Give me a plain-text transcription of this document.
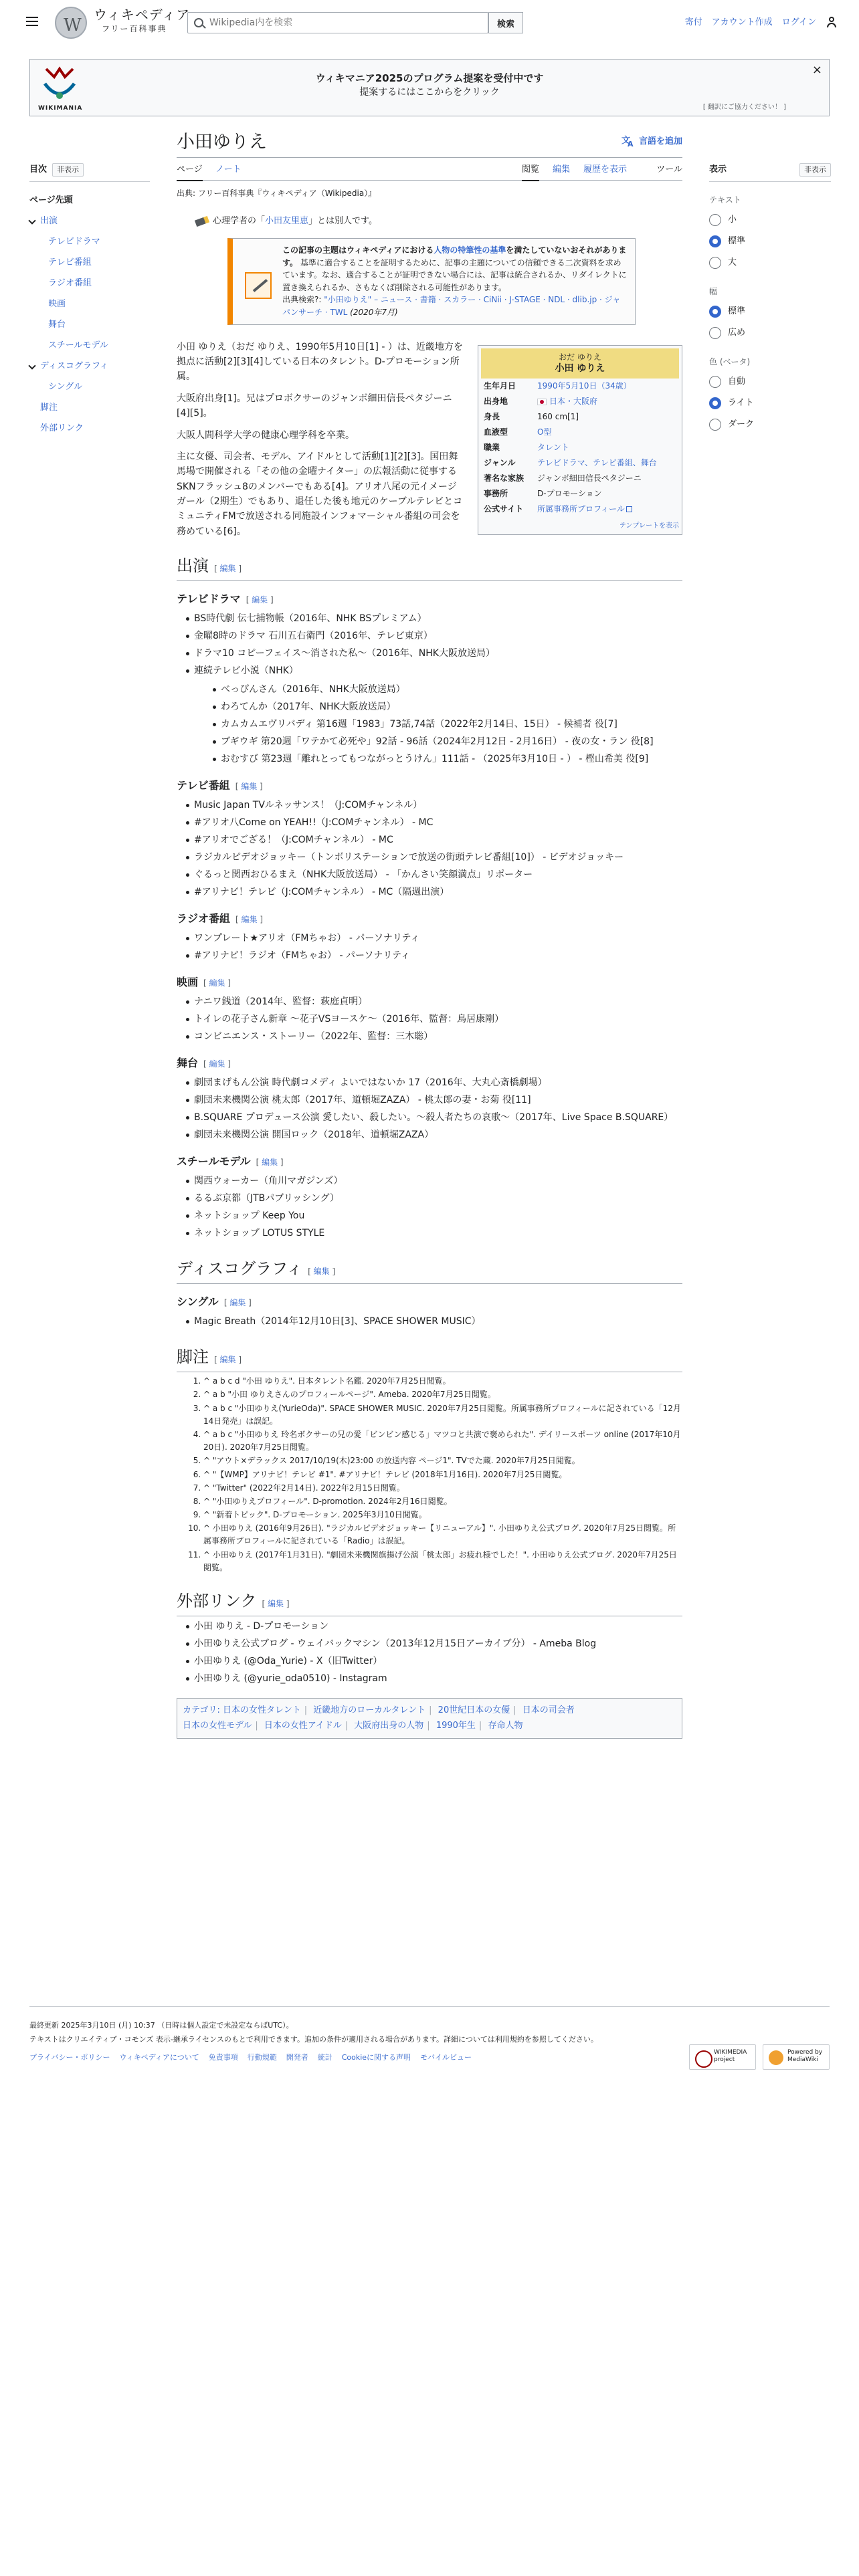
W
ウィキペディア
フリー百科事典
Wikipedia内を検索	検索	寄付 アカウント作成 ログイン
WIKIMANIA
ウィキマニア2025のプログラム提案を受付中です
提案するにはここからをクリック
×
[ 翻訳にご協力ください！ ]
目次	非表示
ページ先頭
出演
テレビドラマ
テレビ番組
ラジオ番組
映画
舞台
スチールモデル
ディスコグラフィ
シングル
脚注
外部リンク
表示	非表示
テキスト
小
標準
大
幅
標準
広め
色 (ベータ)
自動
ライト
ダーク
小田ゆりえ
文 A	言語を追加
ページ ノート	閲覧 編集 履歴を表示	ツール
出典: フリー百科事典『ウィキペディア（Wikipedia）』
心理学者の「小田友里恵」とは別人です。
この記事の主題はウィキペディアにおける人物の特筆性の基準を満たしていないおそれがあります。 基準に適合することを証明するために、記事の主題についての信頼できる二次資料を求めています。なお、適合することが証明できない場合には、記事は統合されるか、リダイレクトに置き換えられるか、さもなくば削除される可能性があります。
出典検索?: "小田ゆりえ" – ニュース · 書籍 · スカラー · CiNii · J-STAGE · NDL · dlib.jp · ジャパンサーチ · TWL (2020年7月)
おだ ゆりえ
小田 ゆりえ
生年月日	1990年5月10日（34歳）
出身地	日本・大阪府
身長	160 cm[1]
血液型	O型
職業	タレント
ジャンル	テレビドラマ、テレビ番組、舞台
著名な家族	ジャンボ細田信長ペタジーニ
事務所	D-プロモーション
公式サイト	所属事務所プロフィール
テンプレートを表示

小田 ゆりえ（おだ ゆりえ、1990年5月10日[1] - ）は、近畿地方を拠点に活動[2][3][4]している日本のタレント。D-プロモーション所属。

大阪府出身[1]。兄はプロボクサーのジャンボ細田信長ペタジーニ[4][5]。

大阪人間科学大学の健康心理学科を卒業。

主に女優、司会者、モデル、アイドルとして活動[1][2][3]。国田舞馬場で開催される「その他の金曜ナイター」の広報活動に従事するSKNフラッシュ8のメンバーでもある[4]。アリオ八尾の元イメージガール（2期生）でもあり、退任した後も地元のケーブルテレビとコミュニティFMで放送される同施設インフォマーシャル番組の司会を務めている[6]。

出演 [ 編集 ]
テレビドラマ [ 編集 ]
BS時代劇 伝七捕物帳（2016年、NHK BSプレミアム）
金曜8時のドラマ 石川五右衛門（2016年、テレビ東京）
ドラマ10 コピーフェイス〜消された私〜（2016年、NHK大阪放送局）
連続テレビ小説（NHK）
べっぴんさん（2016年、NHK大阪放送局）
わろてんか（2017年、NHK大阪放送局）
カムカムエヴリバディ 第16週「1983」73話,74話（2022年2月14日、15日） - 候補者 役[7]
ブギウギ 第20週「ワテかて必死や」92話 - 96話（2024年2月12日 - 2月16日） - 夜の女・ラン 役[8]
おむすび 第23週「離れとってもつながっとうけん」111話 - （2025年3月10日 - ） - 樫山希美 役[9]
テレビ番組 [ 編集 ]
Music Japan TVルネッサンス！（J:COMチャンネル）
#アリオ八Come on YEAH!!（J:COMチャンネル） - MC
#アリオでござる！（J:COMチャンネル） - MC
ラジカルピデオジョッキー（トンボリステーションで放送の街頭テレビ番組[10]） - ビデオジョッキー
ぐるっと関西おひるまえ（NHK大阪放送局） - 「かんさい笑顔満点」リポーター
#アリナビ！テレビ（J:COMチャンネル） - MC（隔週出演）
ラジオ番組 [ 編集 ]
ワンプレート★アリオ（FMちゃお） - パーソナリティ
#アリナビ！ラジオ（FMちゃお） - パーソナリティ
映画 [ 編集 ]
ナニワ銭道（2014年、監督：萩庭貞明）
トイレの花子さん新章 〜花子VSヨースケ〜（2016年、監督：鳥居康剛）
コンビニエンス・ストーリー（2022年、監督：三木聡）
舞台 [ 編集 ]
劇団まげもん公演 時代劇コメディ よいではないか 17（2016年、大丸心斎橋劇場）
劇団未来機関公演 桃太郎（2017年、道頓堀ZAZA） - 桃太郎の妻・お菊 役[11]
B.SQUARE プロデュース公演 愛したい、殺したい。〜殺人者たちの哀歌〜（2017年、Live Space B.SQUARE）
劇団未来機関公演 開国ロック（2018年、道頓堀ZAZA）
スチールモデル [ 編集 ]
関西ウォーカー（角川マガジンズ）
るるぶ京都（JTBパブリッシング）
ネットショップ Keep You
ネットショップ LOTUS STYLE
ディスコグラフィ [ 編集 ]
シングル [ 編集 ]
Magic Breath（2014年12月10日[3]、SPACE SHOWER MUSIC）
脚注 [ 編集 ]
1. ^ a b c d "小田 ゆりえ". 日本タレント名鑑. 2020年7月25日閲覧。
2. ^ a b "小田 ゆりえさんのプロフィールページ". Ameba. 2020年7月25日閲覧。
3. ^ a b c "小田ゆりえ(YurieOda)". SPACE SHOWER MUSIC. 2020年7月25日閲覧。所属事務所プロフィールに記されている「12月14日発売」は誤記。
4. ^ a b c "小田ゆりえ 玲名ボクサーの兄の愛「ビンビン感じる」マツコと共演で褒められた". デイリースポーツ online (2017年10月20日). 2020年7月25日閲覧。
5. ^ "アウト×デラックス 2017/10/19(木)23:00 の放送内容 ページ1". TVでた蔵. 2020年7月25日閲覧。
6. ^ "【WMP】アリナビ！テレビ #1". #アリナビ！テレビ (2018年1月16日). 2020年7月25日閲覧。
7. ^ "Twitter" (2022年2月14日). 2022年2月15日閲覧。
8. ^ "小田ゆりえプロフィール". D-promotion. 2024年2月16日閲覧。
9. ^ "新着トピック". D-プロモーション. 2025年3月10日閲覧。
10. ^ 小田ゆりえ (2016年9月26日). "ラジカルピデオジョッキー【リニューアル】". 小田ゆりえ公式ブログ. 2020年7月25日閲覧。所属事務所プロフィールに記されている「Radio」は誤記。
11. ^ 小田ゆりえ (2017年1月31日). "劇団未来機関旗揚げ公演「桃太郎」お疲れ様でした！". 小田ゆりえ公式ブログ. 2020年7月25日閲覧。
外部リンク [ 編集 ]
小田 ゆりえ - D-プロモーション
小田ゆりえ公式ブログ - ウェイバックマシン（2013年12月15日アーカイブ分） - Ameba Blog
小田ゆりえ (@Oda_Yurie) - X（旧Twitter）
小田ゆりえ (@yurie_oda0510) - Instagram
カテゴリ: 日本の女性タレント | 近畿地方のローカルタレント | 20世紀日本の女優 | 日本の司会者
日本の女性モデル | 日本の女性アイドル | 大阪府出身の人物 | 1990年生 | 存命人物
最終更新 2025年3月10日 (月) 10:37 （日時は個人設定で未設定ならばUTC）。
テキストはクリエイティブ・コモンズ 表示-継承ライセンスのもとで利用できます。追加の条件が適用される場合があります。詳細については利用規約を参照してください。
プライバシー・ポリシー ウィキペディアについて 免責事項 行動規範 開発者 統計 Cookieに関する声明 モバイルビュー
WIKIMEDIA project
Powered by MediaWiki
